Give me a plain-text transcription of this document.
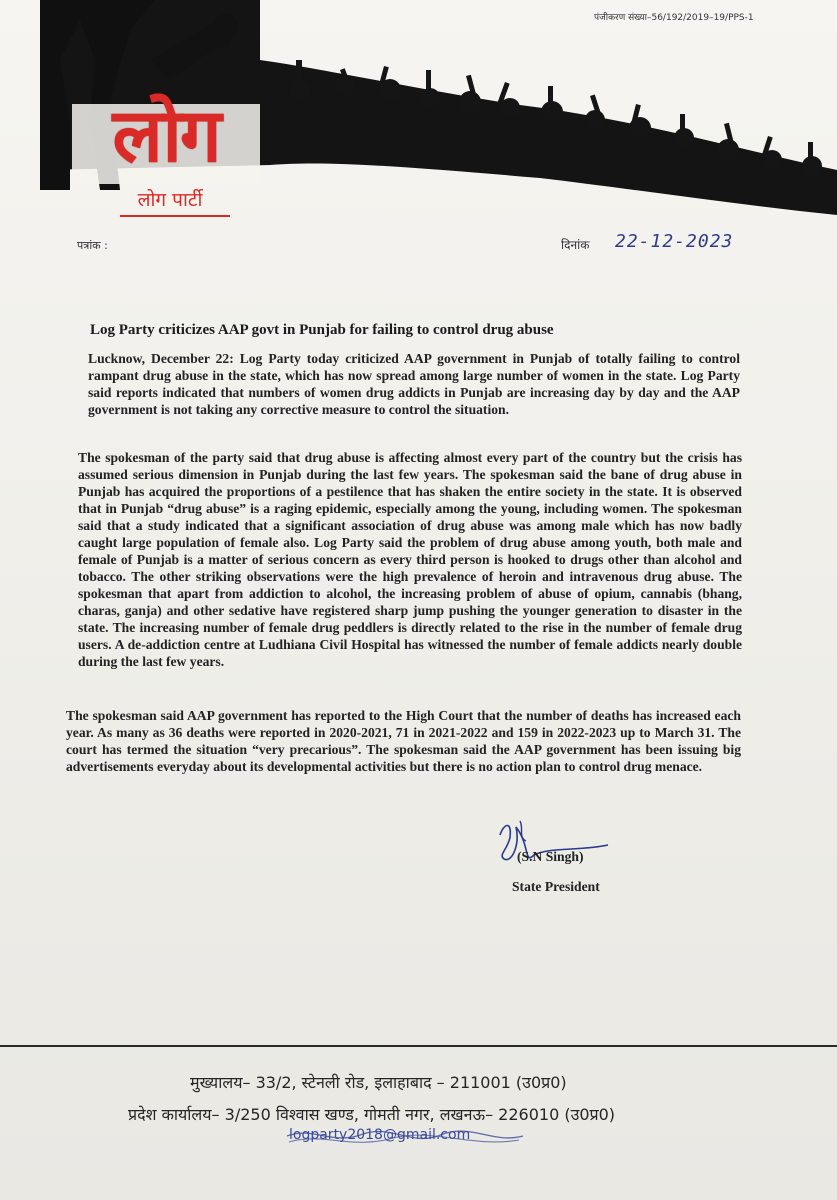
लोग
लोग पार्टी
पंजीकरण संख्या–56/192/2019–19/PPS-1
पत्रांक :	दिनांक 22-12-2023
Log Party criticizes AAP govt in Punjab for failing to control drug abuse
Lucknow, December 22: Log Party today criticized AAP government in Punjab of totally failing to control rampant drug abuse in the state, which has now spread among large number of women in the state. Log Party said reports indicated that numbers of women drug addicts in Punjab are increasing day by day and the AAP government is not taking any corrective measure to control the situation.
The spokesman of the party said that drug abuse is affecting almost every part of the country but the crisis has assumed serious dimension in Punjab during the last few years. The spokesman said the bane of drug abuse in Punjab has acquired the proportions of a pestilence that has shaken the entire society in the state. It is observed that in Punjab “drug abuse” is a raging epidemic, especially among the young, including women. The spokesman said that a study indicated that a significant association of drug abuse was among male which has now badly caught large population of female also. Log Party said the problem of drug abuse among youth, both male and female of Punjab is a matter of serious concern as every third person is hooked to drugs other than alcohol and tobacco. The other striking observations were the high prevalence of heroin and intravenous drug abuse. The spokesman that apart from addiction to alcohol, the increasing problem of abuse of opium, cannabis (bhang, charas, ganja) and other sedative have registered sharp jump pushing the younger generation to disaster in the state. The increasing number of female drug peddlers is directly related to the rise in the number of female drug users. A de-addiction centre at Ludhiana Civil Hospital has witnessed the number of female addicts nearly double during the last few years.
The spokesman said AAP government has reported to the High Court that the number of deaths has increased each year. As many as 36 deaths were reported in 2020-2021, 71 in 2021-2022 and 159 in 2022-2023 up to March 31. The court has termed the situation “very precarious”. The spokesman said the AAP government has been issuing big advertisements everyday about its developmental activities but there is no action plan to control drug menace.
(S.N Singh)
State President
मुख्यालय– 33/2, स्टेनली रोड, इलाहाबाद – 211001 (उ0प्र0)
प्रदेश कार्यालय– 3/250 विश्वास खण्ड, गोमती नगर, लखनऊ– 226010 (उ0प्र0)
logparty2018@gmail.com
